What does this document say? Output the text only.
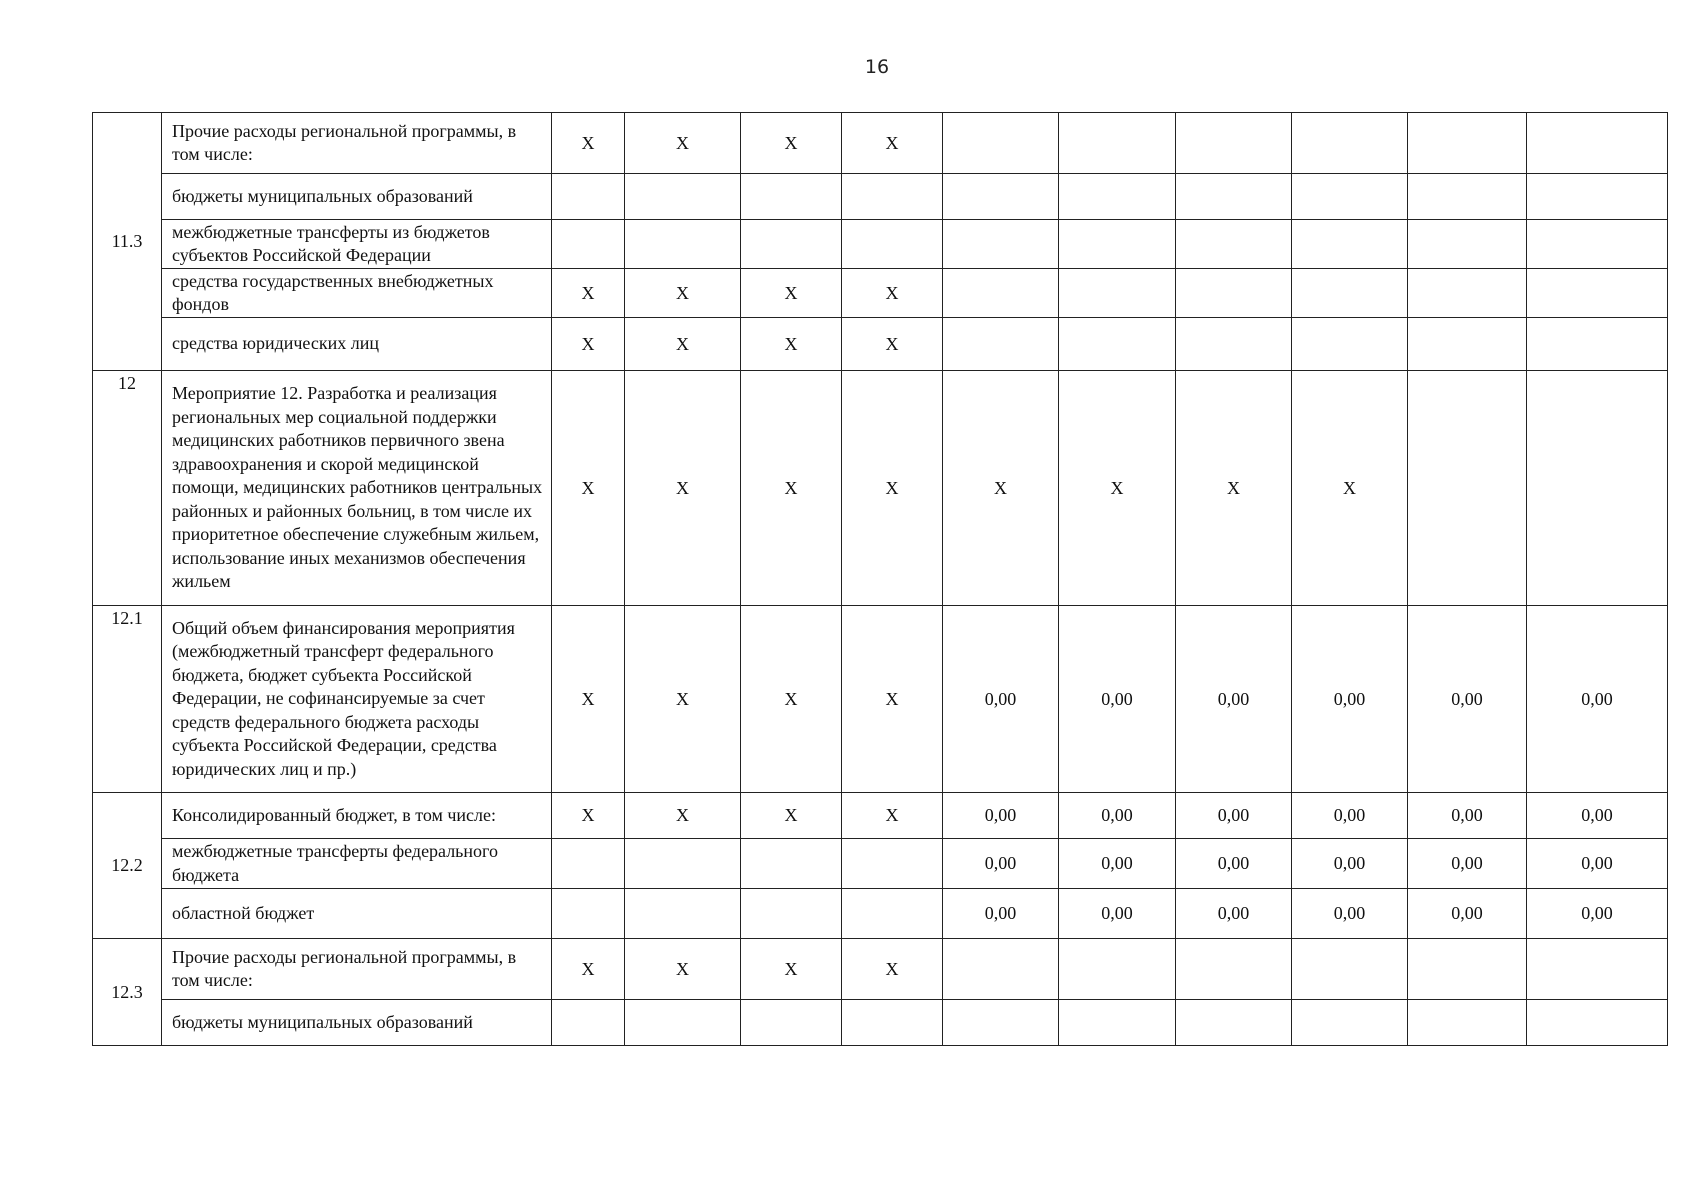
16
11.3	Прочие расходы региональной программы, в том числе:	X	X	X	X						
	бюджеты муниципальных образований										
	межбюджетные трансферты из бюджетов субъектов Российской Федерации										
	средства государственных внебюджетных фондов	X	X	X	X						
	средства юридических лиц	X	X	X	X						
12	Мероприятие 12. Разработка и реализация региональных мер социальной поддержки медицинских работников первичного звена здравоохранения и скорой медицинской помощи, медицинских работников центральных районных и районных больниц, в том числе их приоритетное обеспечение служебным жильем, использование иных механизмов обеспечения жильем	X	X	X	X	X	X	X	X		
12.1	Общий объем финансирования мероприятия (межбюджетный трансферт федерального бюджета, бюджет субъекта Российской Федерации, не софинансируемые за счет средств федерального бюджета расходы субъекта Российской Федерации, средства юридических лиц и пр.)	X	X	X	X	0,00	0,00	0,00	0,00	0,00	0,00
12.2	Консолидированный бюджет, в том числе:	X	X	X	X	0,00	0,00	0,00	0,00	0,00	0,00
	межбюджетные трансферты федерального бюджета					0,00	0,00	0,00	0,00	0,00	0,00
	областной бюджет					0,00	0,00	0,00	0,00	0,00	0,00
12.3	Прочие расходы региональной программы, в том числе:	X	X	X	X						
	бюджеты муниципальных образований										
